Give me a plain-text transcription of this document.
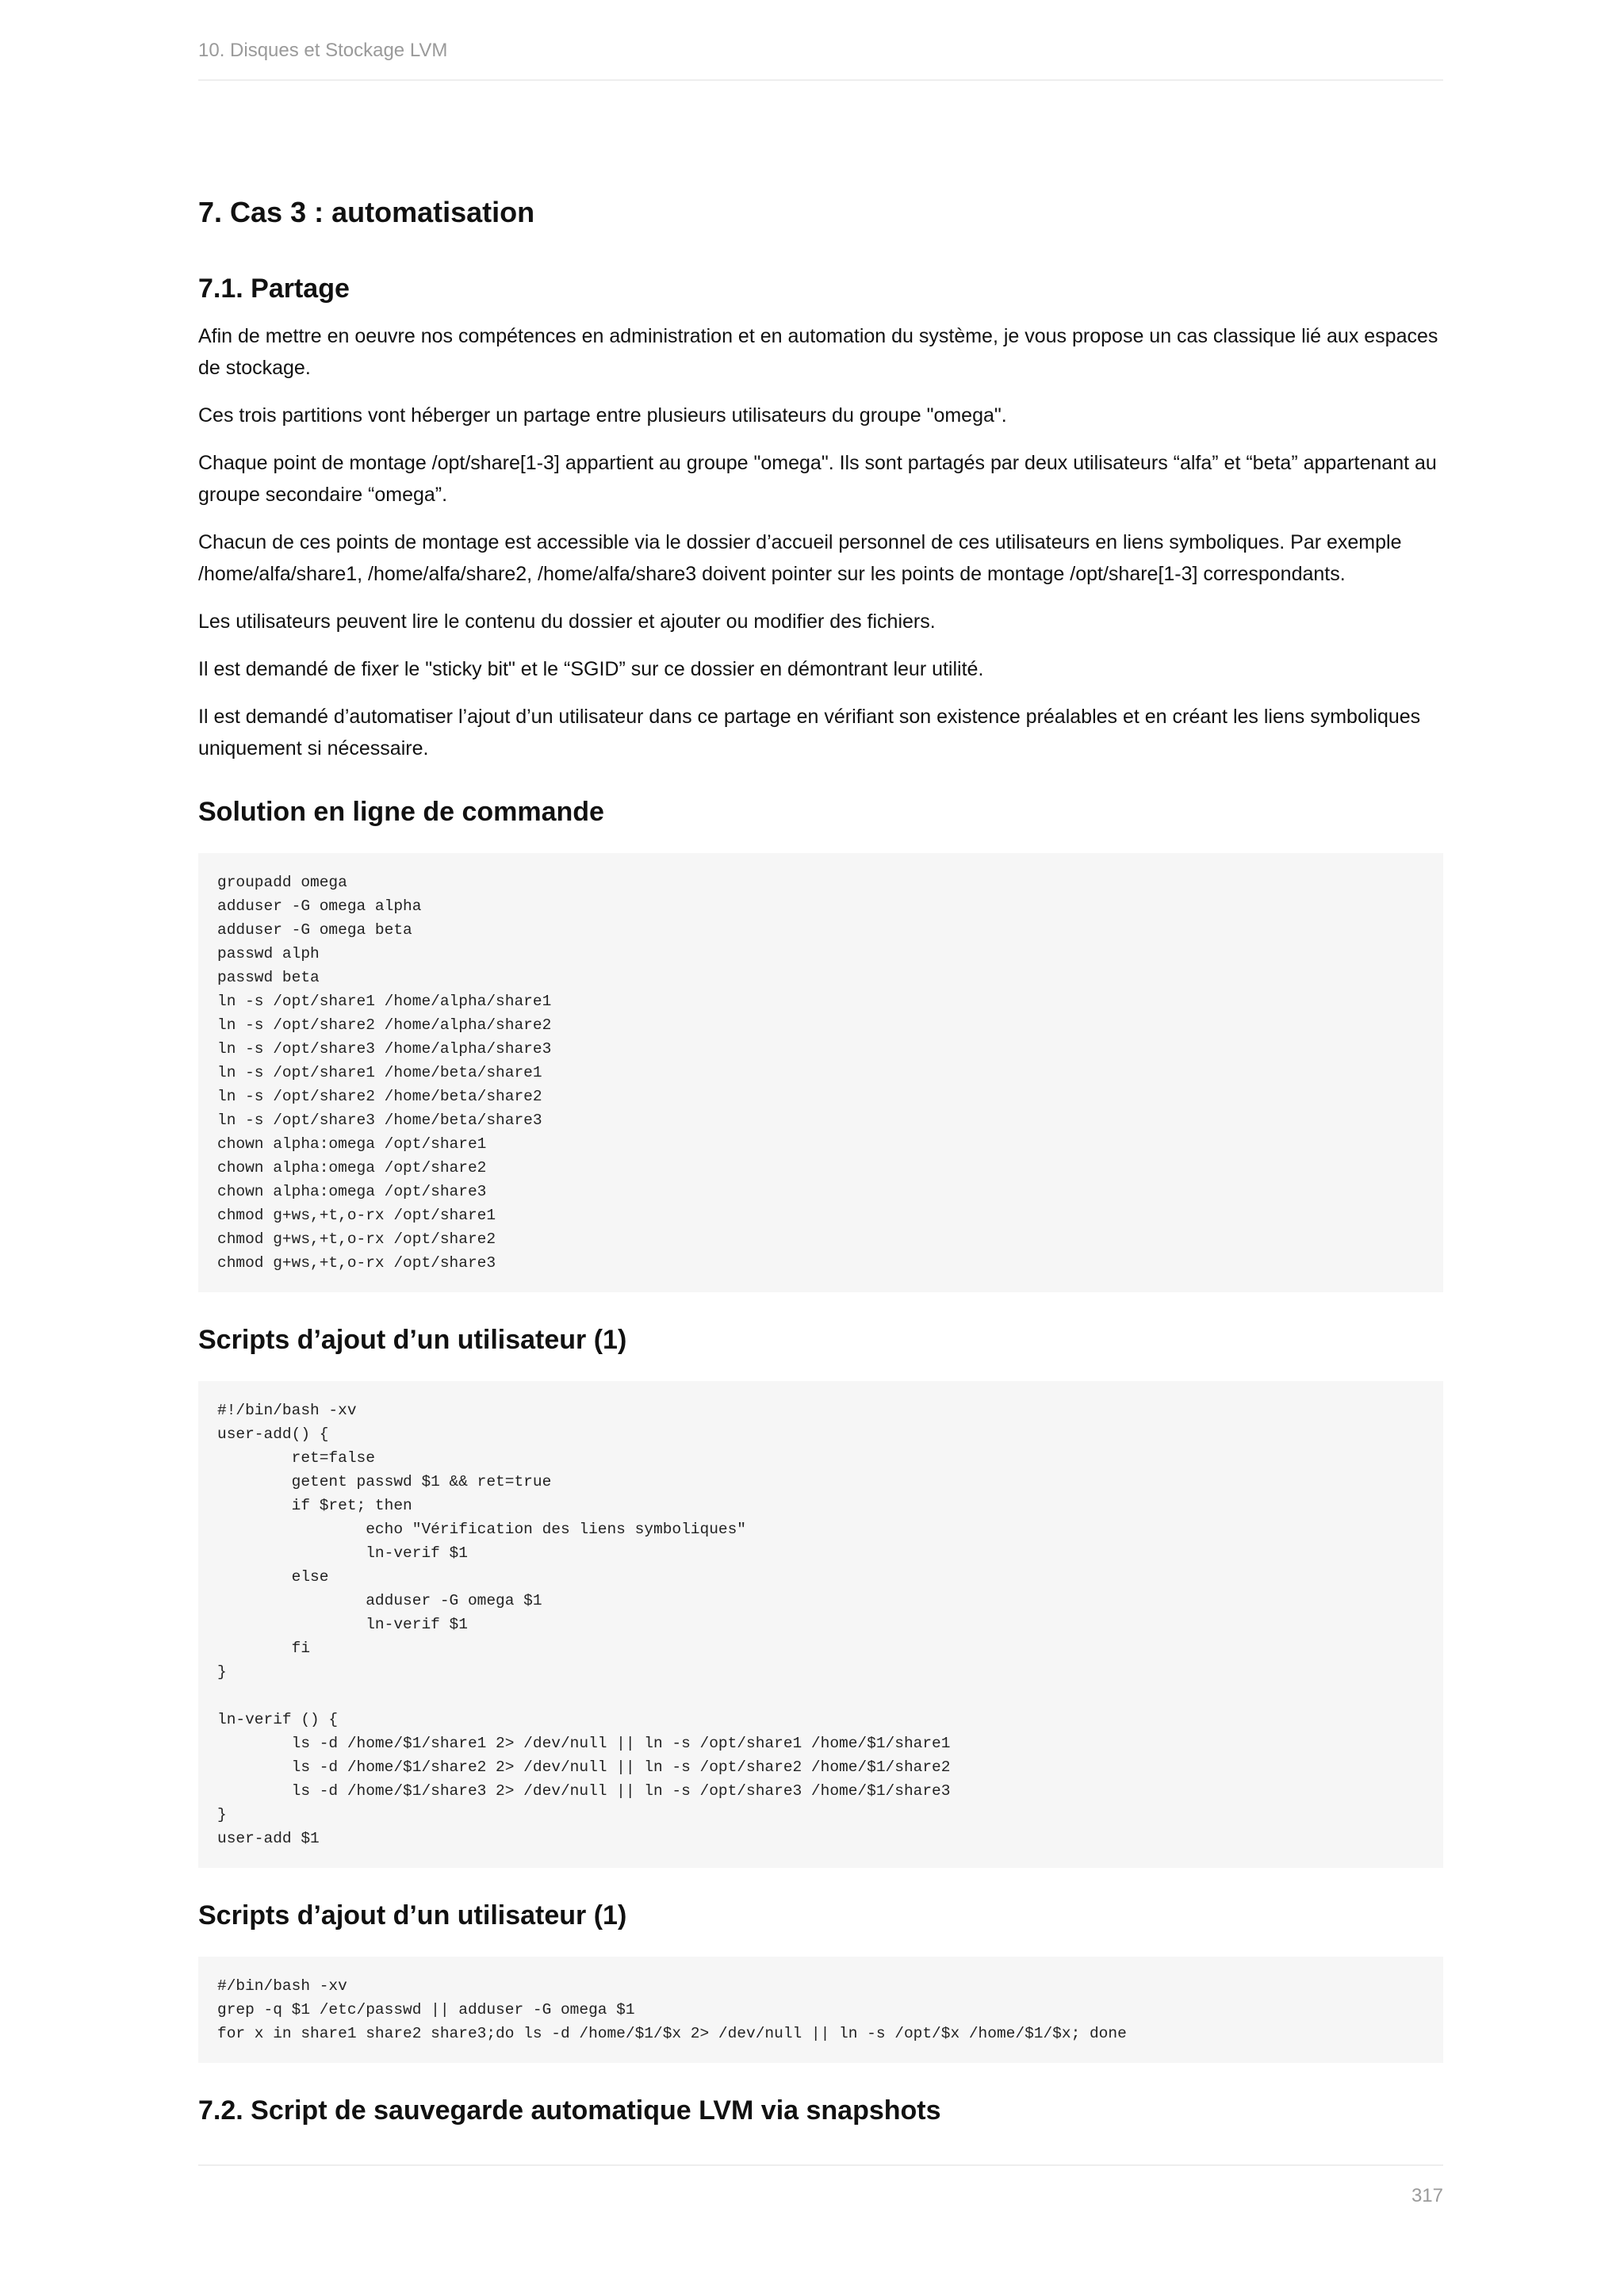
10. Disques et Stockage LVM
7. Cas 3 : automatisation
7.1. Partage

Afin de mettre en oeuvre nos compétences en administration et en automation du système, je vous propose un cas classique lié aux espaces de stockage.

Ces trois partitions vont héberger un partage entre plusieurs utilisateurs du groupe "omega".

Chaque point de montage /opt/share[1-3] appartient au groupe "omega". Ils sont partagés par deux utilisateurs “alfa” et “beta” appartenant au groupe secondaire “omega”.

Chacun de ces points de montage est accessible via le dossier d’accueil personnel de ces utilisateurs en liens symboliques. Par exemple /home/alfa/share1, /home/alfa/share2, /home/alfa/share3 doivent pointer sur les points de montage /opt/share[1-3] correspondants.

Les utilisateurs peuvent lire le contenu du dossier et ajouter ou modifier des fichiers.

Il est demandé de fixer le "sticky bit" et le “SGID” sur ce dossier en démontrant leur utilité.

Il est demandé d’automatiser l’ajout d’un utilisateur dans ce partage en vérifiant son existence préalables et en créant les liens symboliques uniquement si nécessaire.

Solution en ligne de commande
groupadd omega
adduser -G omega alpha
adduser -G omega beta
passwd alph
passwd beta
ln -s /opt/share1 /home/alpha/share1
ln -s /opt/share2 /home/alpha/share2
ln -s /opt/share3 /home/alpha/share3
ln -s /opt/share1 /home/beta/share1
ln -s /opt/share2 /home/beta/share2
ln -s /opt/share3 /home/beta/share3
chown alpha:omega /opt/share1
chown alpha:omega /opt/share2
chown alpha:omega /opt/share3
chmod g+ws,+t,o-rx /opt/share1
chmod g+ws,+t,o-rx /opt/share2
chmod g+ws,+t,o-rx /opt/share3
Scripts d’ajout d’un utilisateur (1)
#!/bin/bash -xv
user-add() {
ret=false
getent passwd $1 && ret=true
if $ret; then
echo "Vérification des liens symboliques"
ln-verif $1
else
adduser -G omega $1
ln-verif $1
fi
}

ln-verif () {
ls -d /home/$1/share1 2> /dev/null || ln -s /opt/share1 /home/$1/share1
ls -d /home/$1/share2 2> /dev/null || ln -s /opt/share2 /home/$1/share2
ls -d /home/$1/share3 2> /dev/null || ln -s /opt/share3 /home/$1/share3
}
user-add $1
Scripts d’ajout d’un utilisateur (1)
#/bin/bash -xv
grep -q $1 /etc/passwd || adduser -G omega $1
for x in share1 share2 share3;do ls -d /home/$1/$x 2> /dev/null || ln -s /opt/$x /home/$1/$x; done
7.2. Script de sauvegarde automatique LVM via snapshots
317
